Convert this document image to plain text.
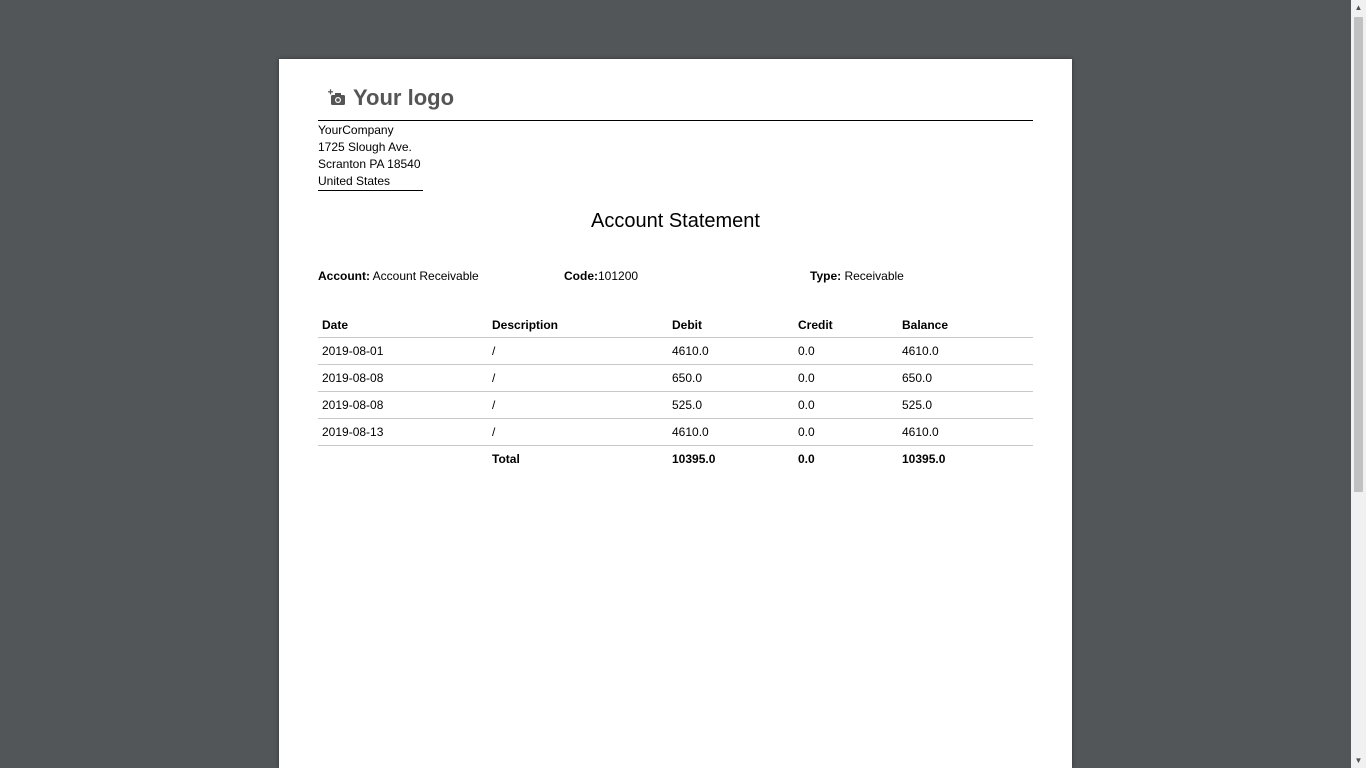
Your logo
YourCompany
1725 Slough Ave.
Scranton PA 18540
United States
Account Statement
Account: Account Receivable	Code:101200	Type: Receivable
Date	Description	Debit	Credit	Balance
2019-08-01	/	4610.0	0.0	4610.0
2019-08-08	/	650.0	0.0	650.0
2019-08-08	/	525.0	0.0	525.0
2019-08-13	/	4610.0	0.0	4610.0
	Total	10395.0	0.0	10395.0
▲
▼
